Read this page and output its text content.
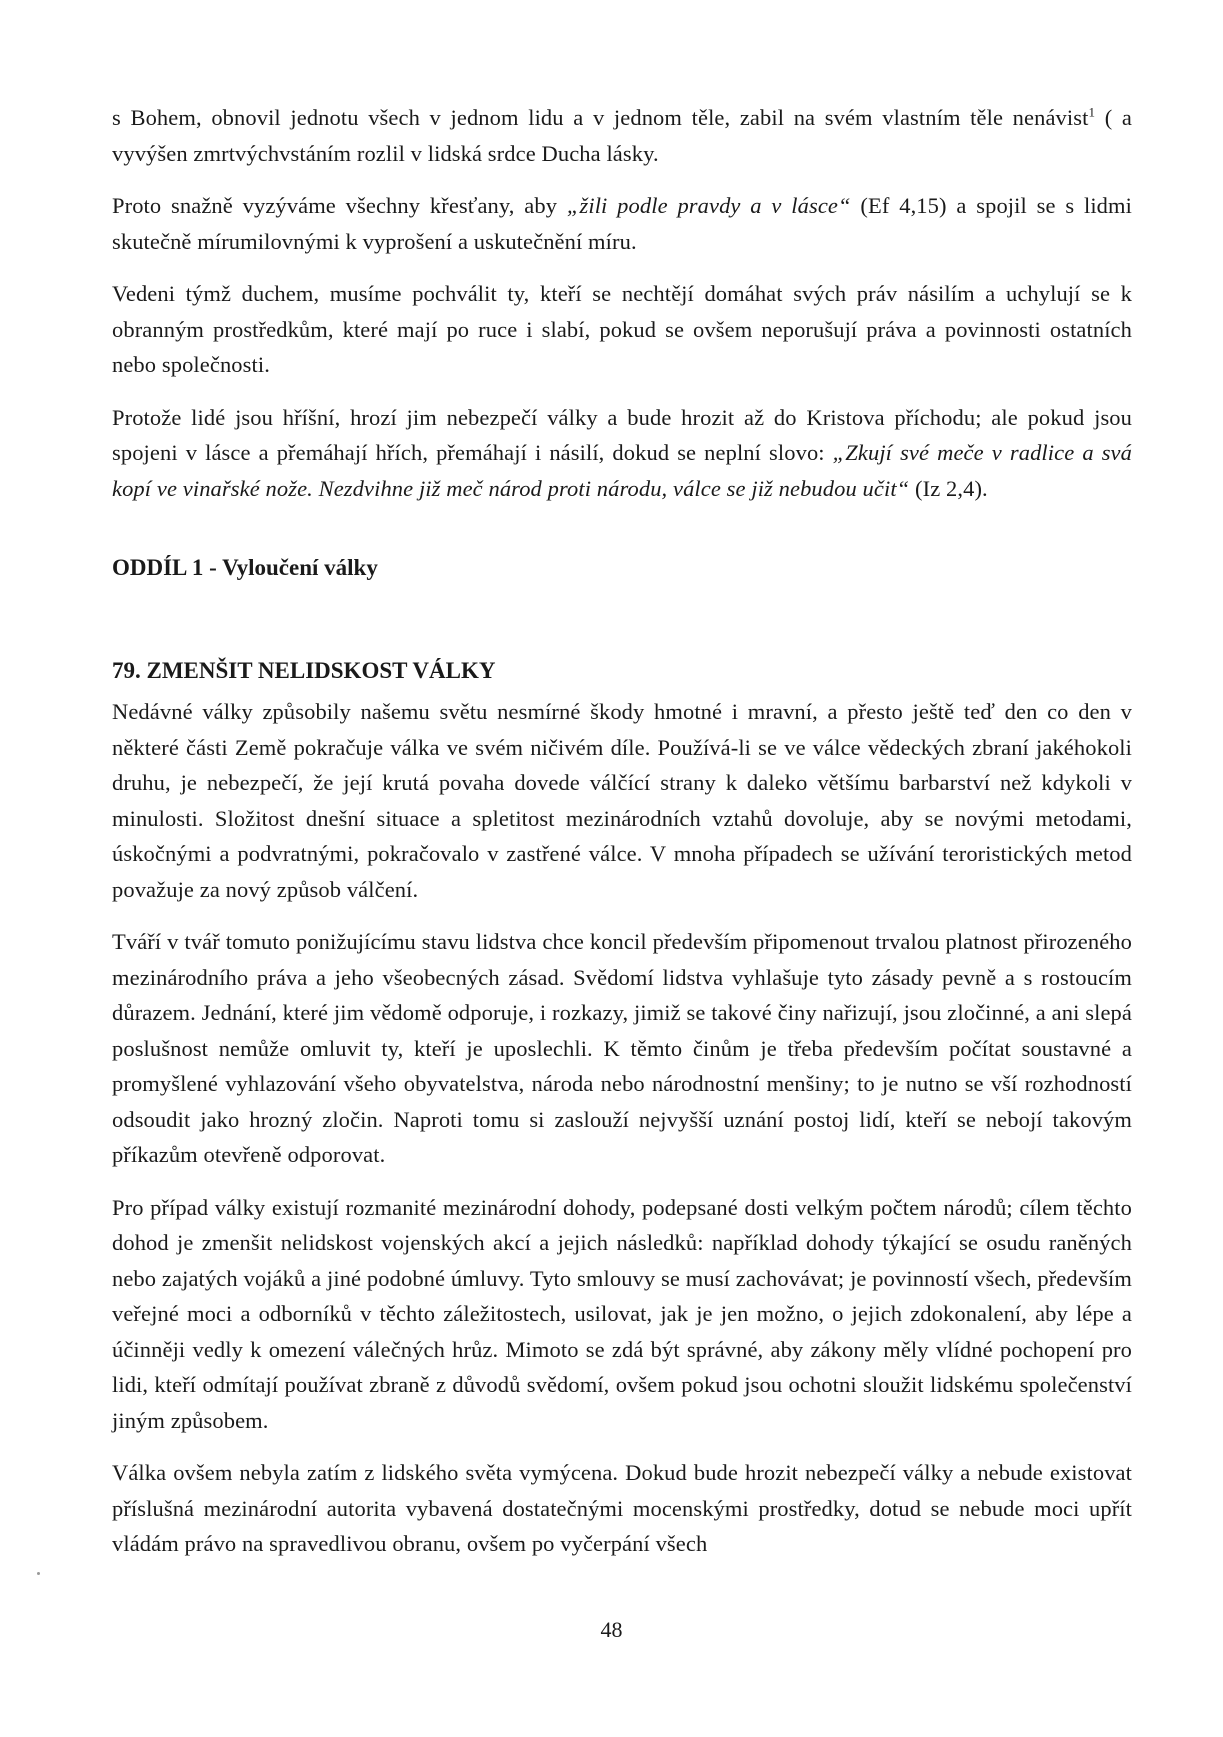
s Bohem, obnovil jednotu všech v jednom lidu a v jednom těle, zabil na svém vlastním těle nenávist$^1$ ( a vyvýšen zmrtvýchvstáním rozlil v lidská srdce Ducha lásky.

Proto snažně vyzýváme všechny křesťany, aby „žili podle pravdy a v lásce“ (Ef 4,15) a spojil se s lidmi skutečně mírumilovnými k vyprošení a uskutečnění míru.

Vedeni týmž duchem, musíme pochválit ty, kteří se nechtějí domáhat svých práv násilím a uchylují se k obranným prostředkům, které mají po ruce i slabí, pokud se ovšem neporušují práva a povinnosti ostatních nebo společnosti.

Protože lidé jsou hříšní, hrozí jim nebezpečí války a bude hrozit až do Kristova příchodu; ale pokud jsou spojeni v lásce a přemáhají hřích, přemáhají i násilí, dokud se neplní slovo: „Zkují své meče v radlice a svá kopí ve vinařské nože. Nezdvihne již meč národ proti národu, válce se již nebudou učit“ (Iz 2,4).

ODDÍL 1 - Vyloučení války
79. ZMENŠIT NELIDSKOST VÁLKY

Nedávné války způsobily našemu světu nesmírné škody hmotné i mravní, a přesto ještě teď den co den v některé části Země pokračuje válka ve svém ničivém díle. Používá-li se ve válce vědeckých zbraní jakéhokoli druhu, je nebezpečí, že její krutá povaha dovede válčící strany k daleko většímu barbarství než kdykoli v minulosti. Složitost dnešní situace a spletitost mezinárodních vztahů dovoluje, aby se novými metodami, úskočnými a podvratnými, pokračovalo v zastřené válce. V mnoha případech se užívání teroristických metod považuje za nový způsob válčení.

Tváří v tvář tomuto ponižujícímu stavu lidstva chce koncil především připomenout trvalou platnost přirozeného mezinárodního práva a jeho všeobecných zásad. Svědomí lidstva vyhlašuje tyto zásady pevně a s rostoucím důrazem. Jednání, které jim vědomě odporuje, i rozkazy, jimiž se takové činy nařizují, jsou zločinné, a ani slepá poslušnost nemůže omluvit ty, kteří je uposlechli. K těmto činům je třeba především počítat soustavné a promyšlené vyhlazování všeho obyvatelstva, národa nebo národnostní menšiny; to je nutno se vší rozhodností odsoudit jako hrozný zločin. Naproti tomu si zaslouží nejvyšší uznání postoj lidí, kteří se nebojí takovým příkazům otevřeně odporovat.

Pro případ války existují rozmanité mezinárodní dohody, podepsané dosti velkým počtem národů; cílem těchto dohod je zmenšit nelidskost vojenských akcí a jejich následků: například dohody týkající se osudu raněných nebo zajatých vojáků a jiné podobné úmluvy. Tyto smlouvy se musí zachovávat; je povinností všech, především veřejné moci a odborníků v těchto záležitostech, usilovat, jak je jen možno, o jejich zdokonalení, aby lépe a účinněji vedly k omezení válečných hrůz. Mimoto se zdá být správné, aby zákony měly vlídné pochopení pro lidi, kteří odmítají používat zbraně z důvodů svědomí, ovšem pokud jsou ochotni sloužit lidskému společenství jiným způsobem.

Válka ovšem nebyla zatím z lidského světa vymýcena. Dokud bude hrozit nebezpečí války a nebude existovat příslušná mezinárodní autorita vybavená dostatečnými mocenskými prostředky, dotud se nebude moci upřít vládám právo na spravedlivou obranu, ovšem po vyčerpání všech

48
